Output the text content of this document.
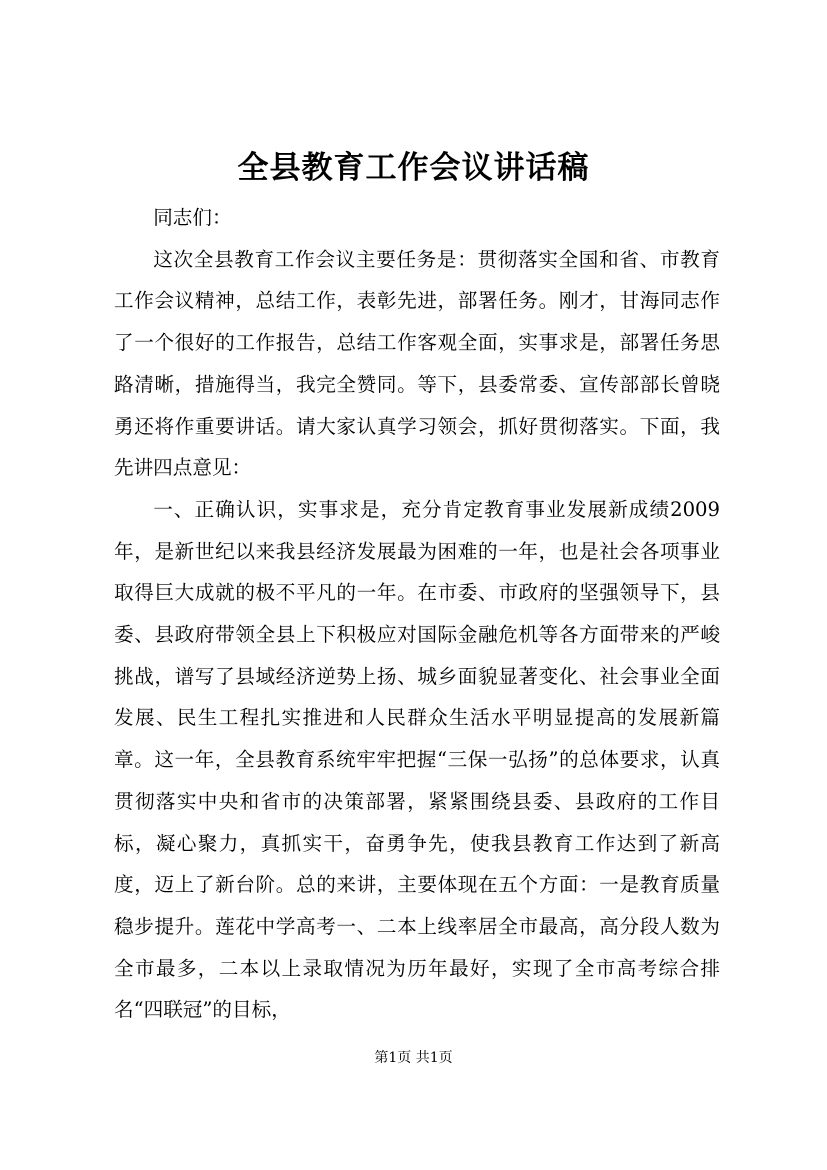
全县教育工作会议讲话稿

同志们：

这次全县教育工作会议主要任务是：贯彻落实全国和省、市教育工作会议精神，总结工作，表彰先进，部署任务。刚才，甘海同志作了一个很好的工作报告，总结工作客观全面，实事求是，部署任务思路清晰，措施得当，我完全赞同。等下，县委常委、宣传部部长曾晓勇还将作重要讲话。请大家认真学习领会，抓好贯彻落实。下面，我先讲四点意见：

一、正确认识，实事求是，充分肯定教育事业发展新成绩2009年，是新世纪以来我县经济发展最为困难的一年，也是社会各项事业取得巨大成就的极不平凡的一年。在市委、市政府的坚强领导下，县委、县政府带领全县上下积极应对国际金融危机等各方面带来的严峻挑战，谱写了县域经济逆势上扬、城乡面貌显著变化、社会事业全面发展、民生工程扎实推进和人民群众生活水平明显提高的发展新篇章。这一年，全县教育系统牢牢把握“三保一弘扬”的总体要求，认真贯彻落实中央和省市的决策部署，紧紧围绕县委、县政府的工作目标，凝心聚力，真抓实干，奋勇争先，使我县教育工作达到了新高度，迈上了新台阶。总的来讲，主要体现在五个方面：一是教育质量稳步提升。莲花中学高考一、二本上线率居全市最高，高分段人数为全市最多，二本以上录取情况为历年最好，实现了全市高考综合排名“四联冠”的目标，

第1页 共1页
